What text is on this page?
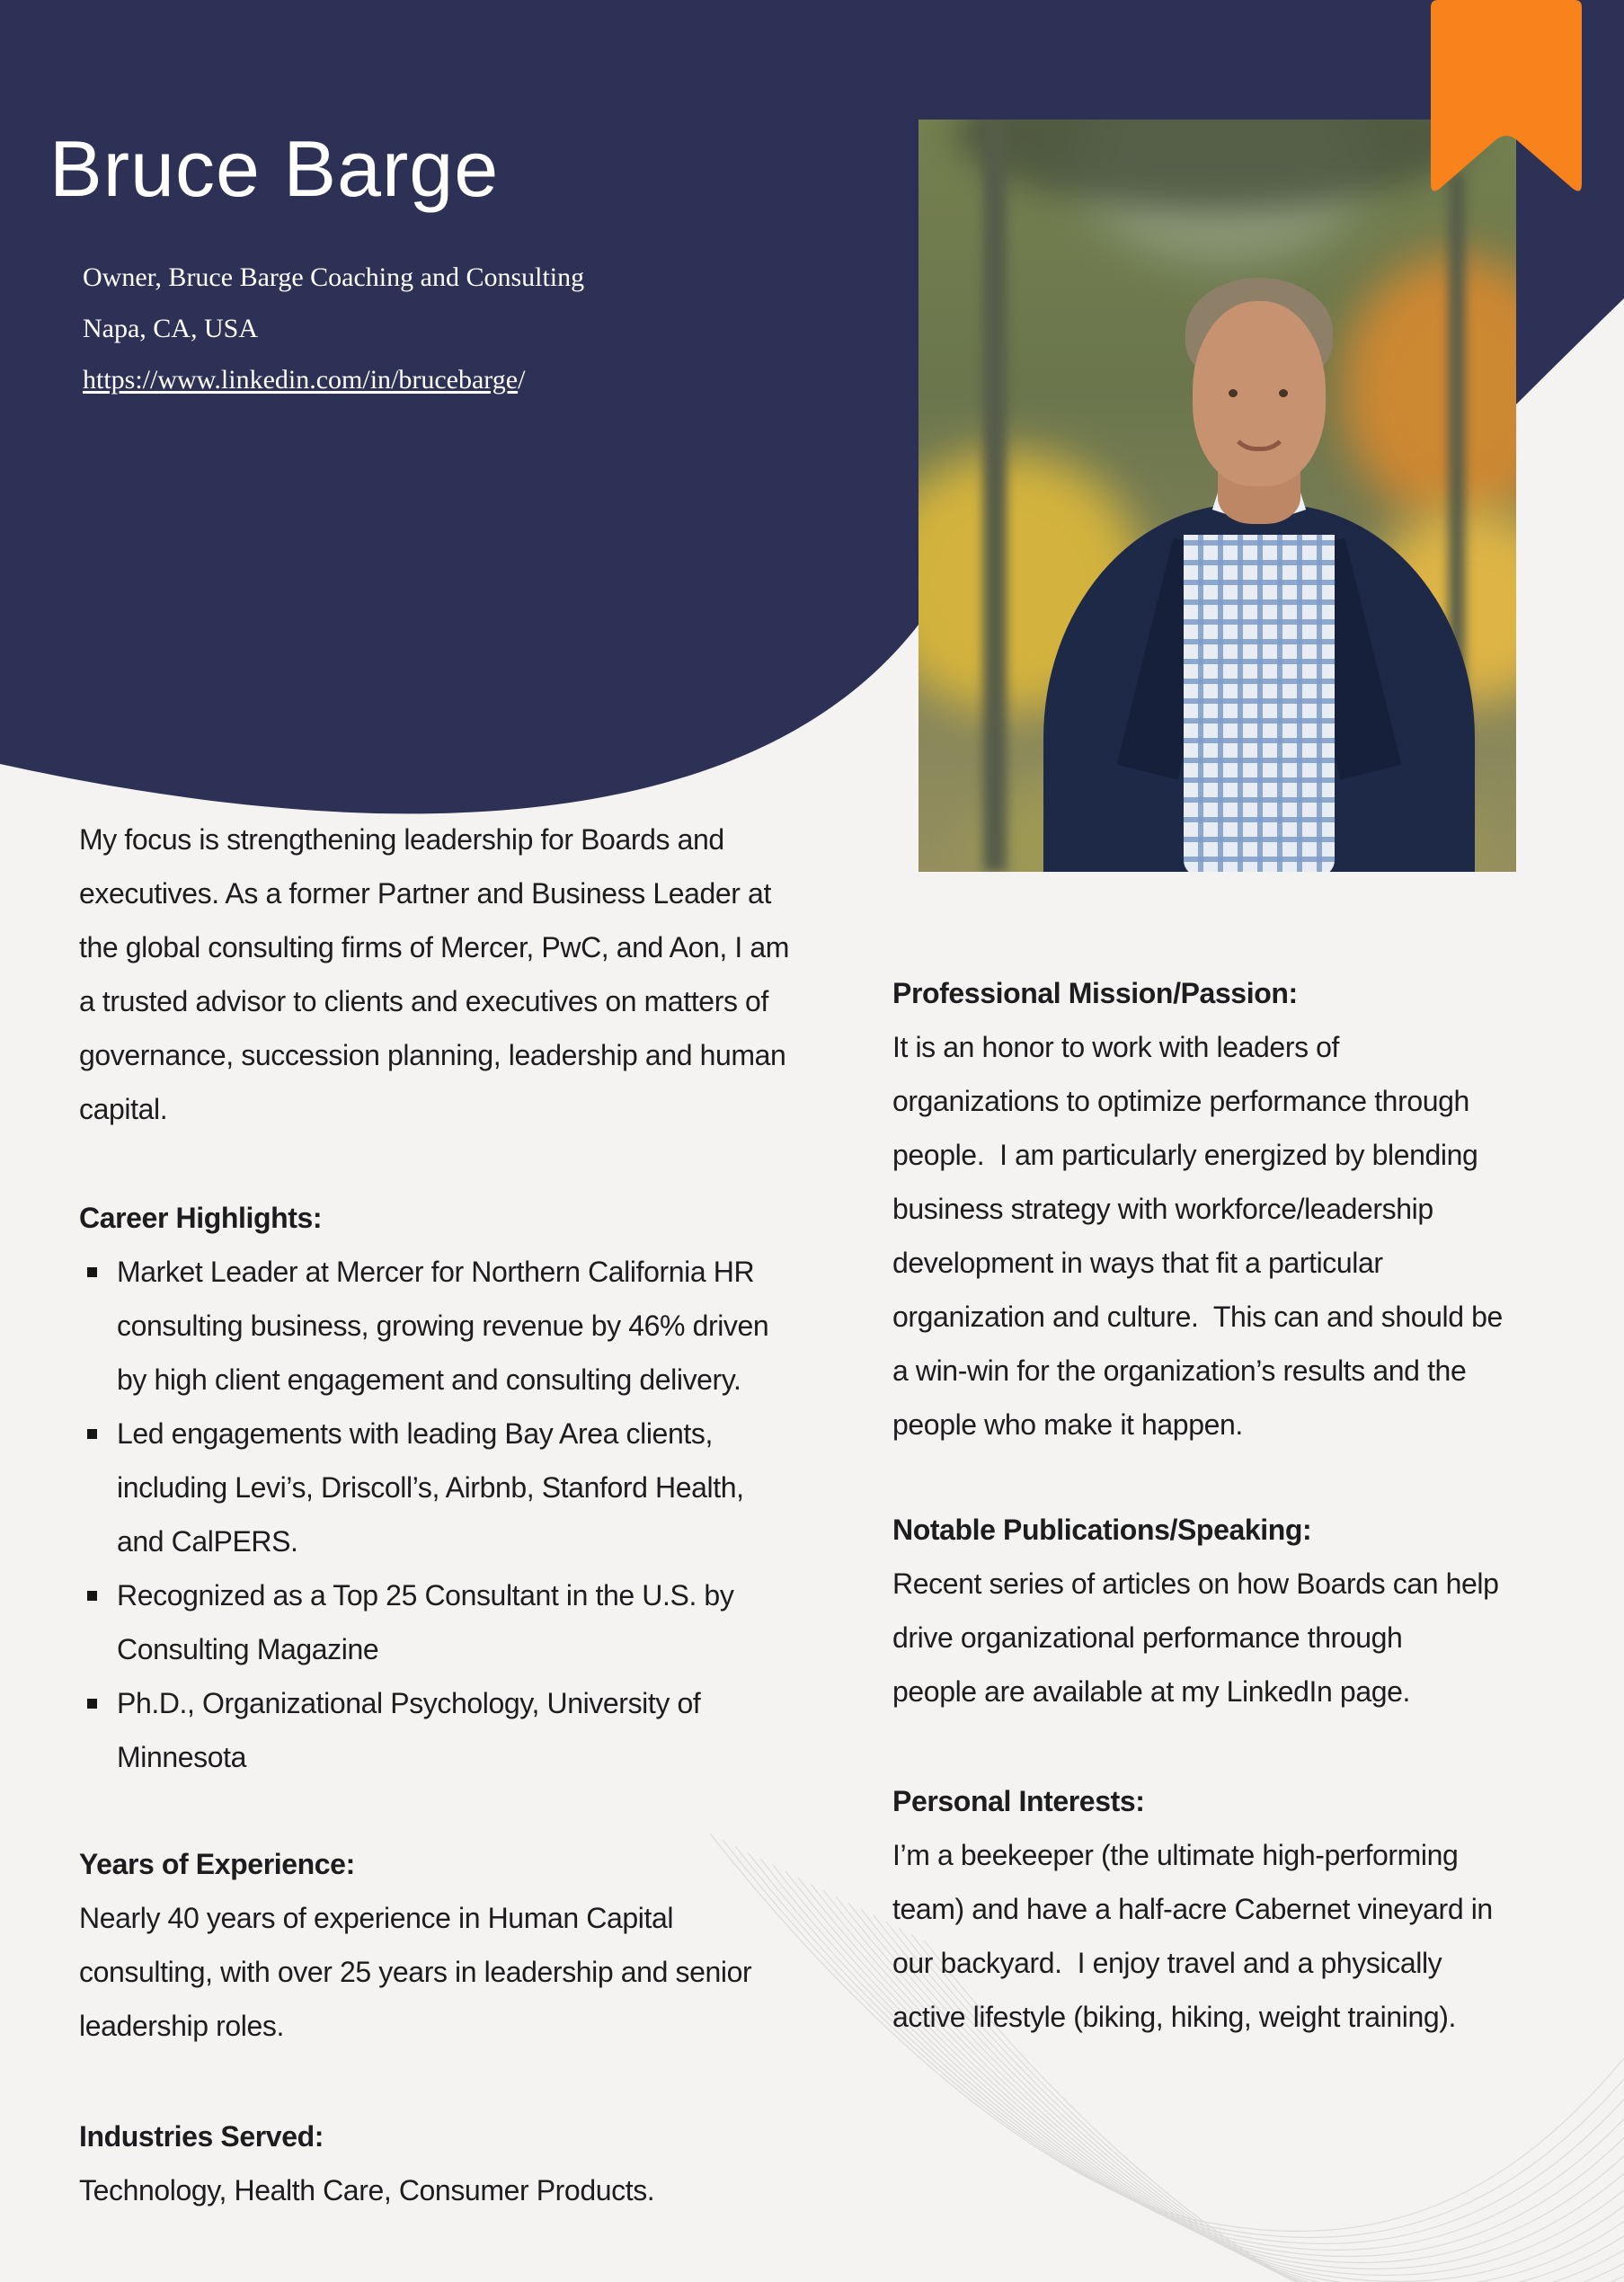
Bruce Barge
Owner, Bruce Barge Coaching and Consulting
Napa, CA, USA
https://www.linkedin.com/in/brucebarge/
My focus is strengthening leadership for Boards and
executives. As a former Partner and Business Leader at
the global consulting firms of Mercer, PwC, and Aon, I am
a trusted advisor to clients and executives on matters of
governance, succession planning, leadership and human
capital.
Career Highlights:
Market Leader at Mercer for Northern California HR
consulting business, growing revenue by 46% driven
by high client engagement and consulting delivery.
Led engagements with leading Bay Area clients,
including Levi’s, Driscoll’s, Airbnb, Stanford Health,
and CalPERS.
Recognized as a Top 25 Consultant in the U.S. by
Consulting Magazine
Ph.D., Organizational Psychology, University of
Minnesota
Years of Experience:
Nearly 40 years of experience in Human Capital
consulting, with over 25 years in leadership and senior
leadership roles.
Industries Served:
Technology, Health Care, Consumer Products.
Professional Mission/Passion:
It is an honor to work with leaders of
organizations to optimize performance through
people.  I am particularly energized by blending
business strategy with workforce/leadership
development in ways that fit a particular
organization and culture.  This can and should be
a win-win for the organization’s results and the
people who make it happen.
Notable Publications/Speaking:
Recent series of articles on how Boards can help
drive organizational performance through
people are available at my LinkedIn page.
Personal Interests:
I’m a beekeeper (the ultimate high-performing
team) and have a half-acre Cabernet vineyard in
our backyard.  I enjoy travel and a physically
active lifestyle (biking, hiking, weight training).
